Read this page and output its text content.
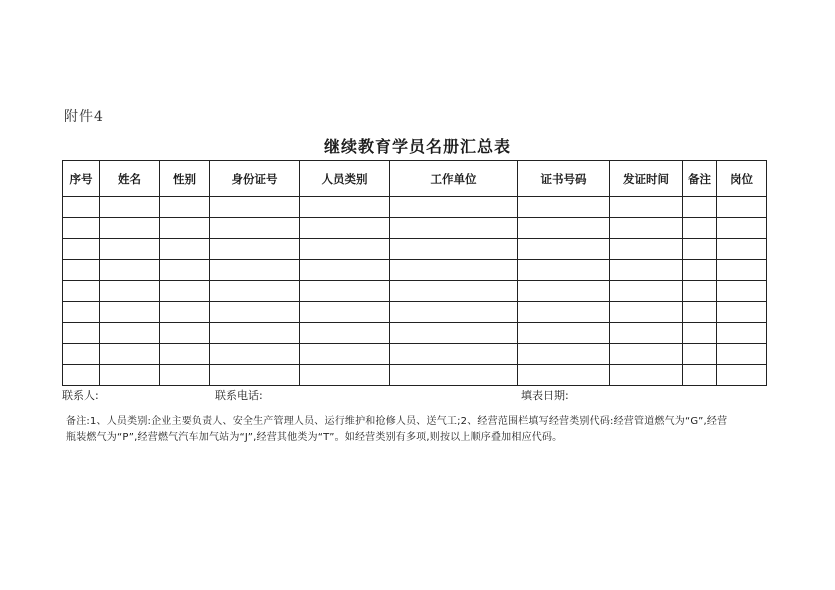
附件4
继续教育学员名册汇总表
序号	姓名	性别	身份证号	人员类别	工作单位	证书号码	发证时间	备注	岗位

联系人:	联系电话:	填表日期:
备注:1、人员类别:企业主要负责人、安全生产管理人员、运行维护和抢修人员、送气工;2、经营范围栏填写经营类别代码:经营管道燃气为“G”,经营瓶装燃气为“P”,经营燃气汽车加气站为“J”,经营其他类为“T”。如经营类别有多项,则按以上顺序叠加相应代码。
